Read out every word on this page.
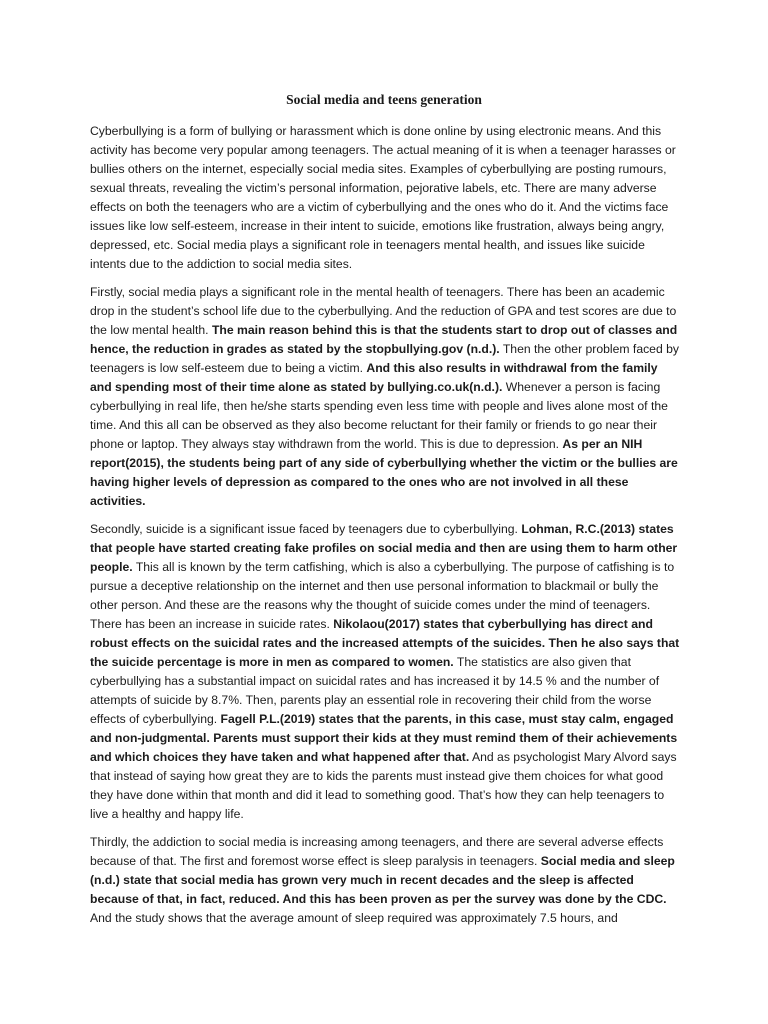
Social media and teens generation

Cyberbullying is a form of bullying or harassment which is done online by using electronic means. And this activity has become very popular among teenagers. The actual meaning of it is when a teenager harasses or bullies others on the internet, especially social media sites. Examples of cyberbullying are posting rumours, sexual threats, revealing the victim’s personal information, pejorative labels, etc. There are many adverse effects on both the teenagers who are a victim of cyberbullying and the ones who do it. And the victims face issues like low self-esteem, increase in their intent to suicide, emotions like frustration, always being angry, depressed, etc. Social media plays a significant role in teenagers mental health, and issues like suicide intents due to the addiction to social media sites.

Firstly, social media plays a significant role in the mental health of teenagers. There has been an academic drop in the student’s school life due to the cyberbullying. And the reduction of GPA and test scores are due to the low mental health. The main reason behind this is that the students start to drop out of classes and hence, the reduction in grades as stated by the stopbullying.gov (n.d.). Then the other problem faced by teenagers is low self-esteem due to being a victim. And this also results in withdrawal from the family and spending most of their time alone as stated by bullying.co.uk(n.d.). Whenever a person is facing cyberbullying in real life, then he/she starts spending even less time with people and lives alone most of the time. And this all can be observed as they also become reluctant for their family or friends to go near their phone or laptop. They always stay withdrawn from the world. This is due to depression. As per an NIH report(2015), the students being part of any side of cyberbullying whether the victim or the bullies are having higher levels of depression as compared to the ones who are not involved in all these activities.

Secondly, suicide is a significant issue faced by teenagers due to cyberbullying. Lohman, R.C.(2013) states that people have started creating fake profiles on social media and then are using them to harm other people. This all is known by the term catfishing, which is also a cyberbullying. The purpose of catfishing is to pursue a deceptive relationship on the internet and then use personal information to blackmail or bully the other person. And these are the reasons why the thought of suicide comes under the mind of teenagers. There has been an increase in suicide rates. Nikolaou(2017) states that cyberbullying has direct and robust effects on the suicidal rates and the increased attempts of the suicides. Then he also says that the suicide percentage is more in men as compared to women. The statistics are also given that cyberbullying has a substantial impact on suicidal rates and has increased it by 14.5 % and the number of attempts of suicide by 8.7%. Then, parents play an essential role in recovering their child from the worse effects of cyberbullying. Fagell P.L.(2019) states that the parents, in this case, must stay calm, engaged and non-judgmental. Parents must support their kids at they must remind them of their achievements and which choices they have taken and what happened after that. And as psychologist Mary Alvord says that instead of saying how great they are to kids the parents must instead give them choices for what good they have done within that month and did it lead to something good. That’s how they can help teenagers to live a healthy and happy life.

Thirdly, the addiction to social media is increasing among teenagers, and there are several adverse effects because of that. The first and foremost worse effect is sleep paralysis in teenagers. Social media and sleep (n.d.) state that social media has grown very much in recent decades and the sleep is affected because of that, in fact, reduced. And this has been proven as per the survey was done by the CDC. And the study shows that the average amount of sleep required was approximately 7.5 hours, and
